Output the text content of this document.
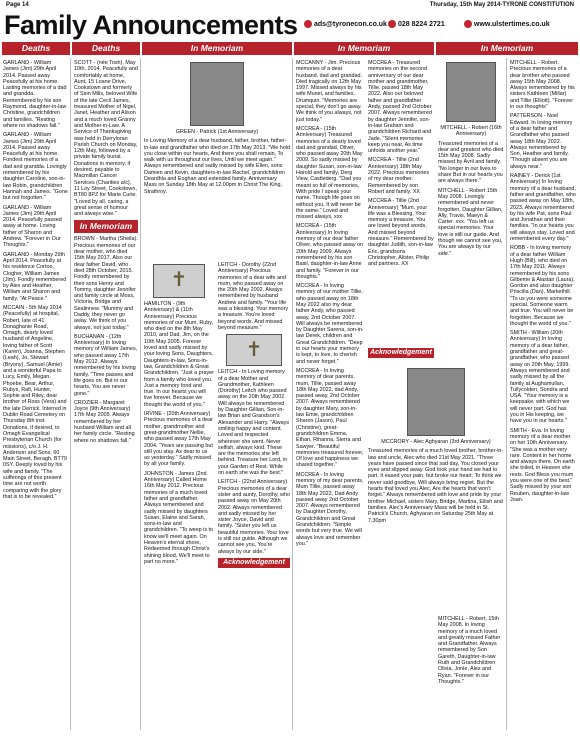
Page 14	Thursday, 15th May 2014-TYRONE CONSTITUTION
Family Announcements	ads@tyronecon.co.uk	028 8224 2721	www.ulstertimes.co.uk
Deaths	Deaths	In Memoriam	In Memoriam	In Memoriam

GARLAND - William James (Jim) 29th April 2014. Passed away Peacefully at his home. Lasting memories of a dad and grandda. Remembered by his son Raymond, daughter-in-law Christine, grandchildren and families. "Resting where no shadows fall."

GARLAND - William James (Jim) 29th April 2014. Passed away Peacefully at his home. Fondest memories of a dad and grandda. Lovingly remembered by his daughter Caroline, son-in-law Robin, grandchildren Hannah and James. "Gone but not forgotten."

GARLAND - William James (Jim) 29th April 2014. Peacefully passed away at home. Loving father of Sharon and Andrew. "Forever in Our Thoughts."

GARLAND - Monday 29th April 2014. Peacefully at his residence Cortoo, Clogher, William James (Jim). Fondly remembered by Alex and Heather, William and Sharon and family. "At Peace."

MCCAIN - 5th May 2014 (Peacefully) at hospital, Robert, late of 41 Donaghanie Road, Omagh, dearly loved husband of Angeline, loving father of Scott (Karen), Joanna, Stephen (Leah), Jo, Stewart (Bryony), Samuel (Amie) and a wonderful Papa to Lucy, Emily, Megan, Phoebe, Bear, Arthur, Rubys, Rafi, Hunter, Sophie and Riley, dear brother of Ross (Vera) and the late Derrick. Interred in Dublin Road Cemetery on Thursday 8th inst. Donations, if desired, to Omagh Evangelical Presbyterian Church (for missions), c/o J. H. Anderson and Sons, 60 Main Street, Beragh, BT79 0SY. Deeply loved by his wife and family. "The sufferings of this present time are not worth comparing with the glory that is to be revealed."

SCOTT - (née Tosh), May 10th, 2014. Peacefully and comfortably at home, Aunt, 15 Loane Drive, Cookstown and formerly of Sion Mills, beloved Wife of the late Cecil James, treasured Mother of Nigel, Janet, Heather and Alison and a much loved Granny and Mother-in-Law. A Service of Thanksgiving was held in Derryloran Parish Church on Monday, 12th May, followed by a private family burial. Donations in memory, if desired, payable to Macmillan Cancer Services (Charities a/c), 11 Loy Street, Cookstown, BT80 8PZ for Marie Curie. "Loved by all, caring, a great sense of humour and always wise."

In Memoriam

BROWN - Martha (Sheila). Precious memories of our dear mother, who died 15th May 2017. Also our dear father David, who died 28th October, 2015. Fondly remembered by their sons Henry and Tommy, daughter Jennifer and family circle at Moss, Victoria, Bridge and Sealinnew. "Mummy and Daddy, they never go away. We think of you always, not just today."

BUCHANAN - (12th Anniversary) In loving memory of William James, who passed away 17th May 2012. Always remembered by his loving family. "Time passes and life goes on. But in our hearts, You are never gone."

CROZIER - Margaret Joyce (9th Anniversary) 17th May 2005. Always remembered by her husband William and all her family circle. "Resting where no shadows fall."

GREEN - Patrick (1st Anniversary)

In Loving Memory of a dear husband, father, brother, father-in-law and grandfather who died on 17th May 2013. "We hold you close within our hearts, And there you shall remain, To walk with us throughout our lives, Until we meet again." Always remembered and sadly missed by wife Ellen, sons Damien and Kevin, daughters-in-law Rachel, grandchildren Deardhla and Eoghan and extended family. Anniversary Mass on Sunday 18th May at 12.00pm in Christ The King, Strathroy.

✝

HAMILTON - (9th Anniversary) & (11th Anniversary) Precious memories of our Mum, Ruby, who died on the 8th May 2010, and Dad, Jim, on the 10th May 2005. Forever loved and sadly missed by your loving Sons, Daughters, Daughters-in-law, Sons-in-law, Grandchildren & Great Grandchildren. "Just a prayer from a family who loved you. Just a memory fond and true. In our hearts you will live forever. Because we thought the world of you."

IRVINE - (20th Anniversary) Precious memories of a dear mother, grandmother and great-grandmother Nellie, who passed away 17th May 2004. "Years are passing but still you stay. As dear to us as yesterday." Sadly missed by all your family.

JOHNSTON - James (2nd Anniversary) Called Home 16th May 2012. Precious memories of a much loved father and grandfather. Always remembered and sadly missed by daughters Susan, Elaine and Sarah, sons-in-law and grandchildren. "To weep is to know we'll meet again. On Heaven's eternal shore, Redeemed through Christ's shining blood, We'll meet to part no more."

LEITCH - Dorothy (22nd Anniversary) Precious memories of a dear wife and mum, who passed away on the 20th May 2002. Always remembered by husband Andrew and family. "Your life was a blessing. Your memory a treasure. You're loved beyond words. And missed beyond measure."

✝

LEITCH - In Loving memory of a dear Mother and Grandmother, Kathleen (Dorothy) Leitch who passed away on the 20th May 2002. Will always be remembered by Daughter Gillian, Son-in-law Brian and Grandson's Alexander and Harry. "Always smiling happy and content. Loved and respected wherever she went. Never selfish, always kind. These are the memories she left behind. Treasure her Lord, in your Garden of Rest. While on earth she was the best."

LEITCH - (22nd Anniversary) Precious memories of a dear sister and aunty, Dorothy, who passed away on May 20th 2002. Always remembered and sadly missed by her sister Joyce, David and family. "Sister you left us beautiful memories. Your love is still our guide. Although we cannot see you, You're always by our side."

Acknowledgement

MCCANNY - Jim. Precious memories of a dear husband, dad and grandad. Died tragically on 12th May 1997. Missed always by his wife Muriel, and families. Drumquin. "Memories are special, they don't go away. We think of you always, not just today."

MCCREA - (15th Anniversary) Treasured memories of a dearly loved dad and grandad, Oliver, who passed away 20th May 2009. So sadly missed by daughter Susan, son-in-law Harold and family, Derg View, Castlederg. "Dad you meant so full of memories, With pride I speak your name. Though life goes on without you, It will never be the same." Loved and missed always, xxx

MCCREA - (15th Anniversary) In loving memory of our dear father Oliver, who passed away on 20th May 2009. Always remembered by his son Basil, daughter-in-law Anne and family. "Forever in our thoughts."

MCCREA - In loving memory of our mother Tillie, who passed away on 18th May 2022 also my dear father Andy, who passed away, 2nd October 2007. Will always be remembered by Daughter Sarena, son-in-law Derek, children and Great Grandchildren. "Deep in our hearts your memory is kept, to love, to cherish and never forget."

MCCREA - In loving memory of dear parents, mum, Tillie, passed away 18th May 2022, dad Andy, passed away, 2nd October 2007. Always remembered by daughter Mary, son-in-law Emie, grandchildren Sharon (Jason), Paul (Christine), great-grandchildren Emma, Ethan, Rihanna, Sierra and Sawyer. "Beautiful memories treasured forever, Of love and happiness we shared together."

MCCREA - In loving memory of my dear parents, Mum Tillie, passed away 18th May 2022, Dad Andy passed away 2nd October 2007. Always remembered by Daughter Dorothy, Grandchildren and Great Grandchildren. "Simple words but very true. We will always love and remember you."

MCCREA - Treasured memories on the second anniversary of our dear mother and grandmother, Tillie, passed 18th May 2022. Also our beloved father and grandfather Andy, passed 2nd October 2007. Always remembered by daughter Jennifer, son-in-law Graham and grandchildren Richard and Jade. "Silent memories keep you near, As time unfolds another year."

MCCREA - Tillie (2nd Anniversary) 18th May 2022. Precious memories of my dear mother. Remembered by son Robert and family. XX

MCCREA - Tillie (2nd Anniversary) "Mum, your life was a Blessing, Your memory a treasure, You are loved beyond words, And missed beyond measure." Remembered by daughter Judith, son-in-law Eric, grandsons Christopher, Alister, Philip and partners. XX

MITCHELL - Robert (16th Anniversary)

Treasured memories of a dear and greatest who died 15th May 2008. Sadly missed by Avril and family. "No longer in our lives to share But in our hearts you are always there."

MITCHELL - Robert 15th May 2008. Lovingly remembered and never forgotten. Daughter Gillian, Ally, Travis, Maeyn & Carter. xxx. "You left us special memories. Your love is still our guide. And though we cannot see you, You are always by our side."

Acknowledgement

MCCRORY - Alec Aghyaran (3rd Anniversary)

Treasured memories of a much loved brother, brother-in-law and uncle, Alec who died 21st May 2021. "Three years have passed since that sad day, You closed your eyes and slipped away. God took your hand we had to part. It eased your pain, but broke our heart. To think we never said goodbye, Will always bring regret. But the hearts that loved you Alec, Are the hearts that won't forget." Always remembered with love and pride by your brother Michael, sisters Mary, Bridge, Martina, Eilish and families. Alec's Anniversary Mass will be held in St. Patrick's Church, Aghyaran on Saturday 25th May at 7.30pm

MITCHELL - Robert, 15th May 2008. In loving memory of a much loved and greatly missed Father and Grandfather. Always remembered by Son Gareth, Daughter-in-law Ruth and Grandchildren Olivia, Jonie, Alex and Ryan. "Forever in our Thoughts."

MITCHELL - Robert. Precious memories of a dear brother who passed away 15th May 2008. Always remembered by his sisters Kathleen (Millar) and Tillie (Elliott). "Forever in our thoughts"

PATTERSON - Noel Edward. In loving memory of a dear father and Grandfather who passed away 18th May 2022. Always remembered by Son, Heather and family. "Though absent you are always near."

RAINEY - Derick (1st Anniversary) In loving memory of a dear husband, father and grandfather, who passed away on May 18th, 2023. Always remembered by his wife Pat, sons Paul and Jonathan and their families. "In our hearts you will always stay. Loved and remembered every day."

ROBB - In loving memory of a dear father William Hugh (Bill), who died on 17th May 2011. Always remembered by his sons Gilbeme & Alastair (Laura), Gordon and also daughter Priscilla (Dan), Markethill. "To us you were someone special. Someone warm and true. You will never be forgotten. Because we thought the world of you."

SMITH - William (20th Anniversary) In loving memory of a dear father, grandfather and great-grandfather, who passed away on 20th May, 1999. Always remembered and sadly missed by all the family at Aughamullan, Tullycolden, Sondra and USA. "Your memory is a keepsake, with which we will never part. God has you in His keeping, we have you in our hearts."

SMITH - Eva. In loving memory of a dear mother on her 10th Anniversary. "She was a mother very rare. Content in her home and always there. On earth she toiled, in Heaven she rests. God Bless you mum you were one of the best." Sadly missed by your son Reuben, daughter-in-law Joan.
